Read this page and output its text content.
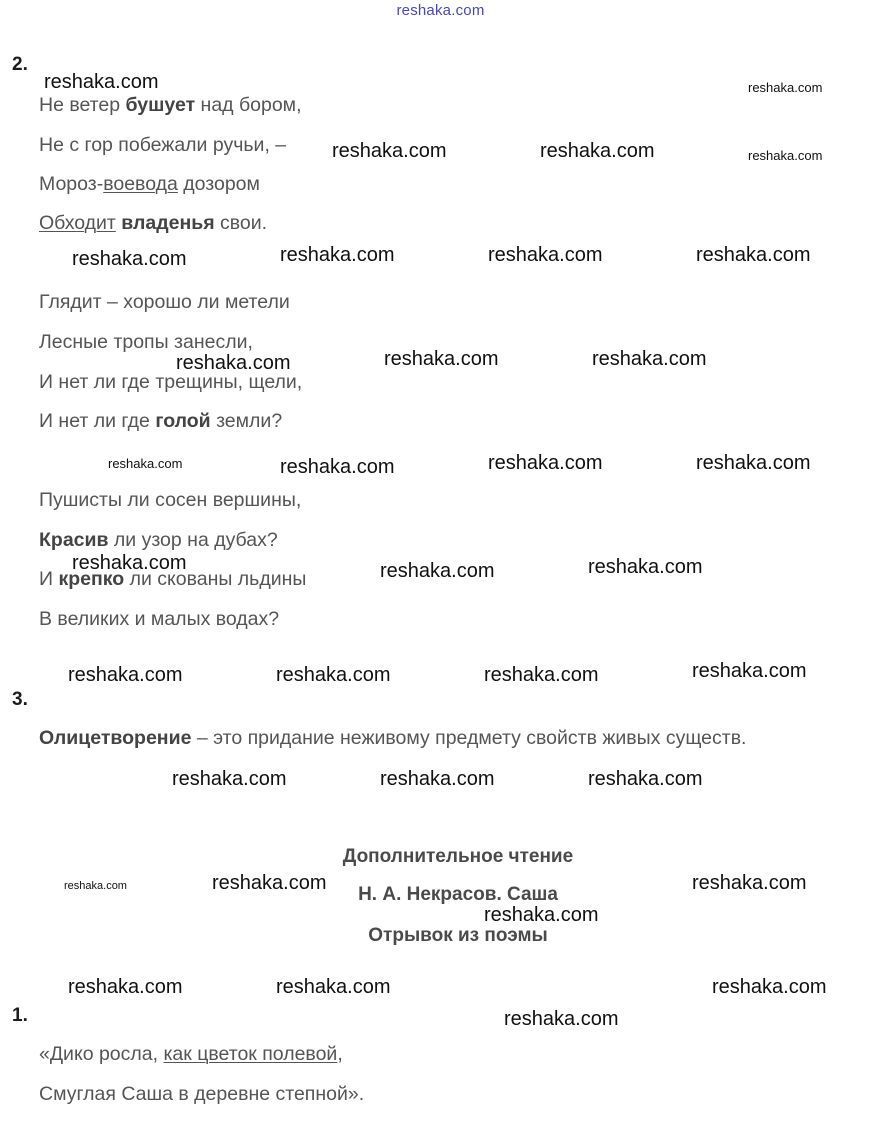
reshaka.com
2.
Не ветер бушует над бором,
Не с гор побежали ручьи, –
Мороз-воевода дозором
Обходит владенья свои.
Глядит – хорошо ли метели
Лесные тропы занесли,
И нет ли где трещины, щели,
И нет ли где голой земли?
Пушисты ли сосен вершины,
Красив ли узор на дубах?
И крепко ли скованы льдины
В великих и малых водах?
3.
Олицетворение – это придание неживому предмету свойств живых существ.
Дополнительное чтение
Н. А. Некрасов. Саша
Отрывок из поэмы
1.
«Дико росла, как цветок полевой,
Смуглая Саша в деревне степной».
reshaka.com	reshaka.com
reshaka.com	reshaka.com	reshaka.com
reshaka.com	reshaka.com	reshaka.com	reshaka.com
reshaka.com	reshaka.com	reshaka.com
reshaka.com	reshaka.com	reshaka.com	reshaka.com
reshaka.com	reshaka.com	reshaka.com
reshaka.com	reshaka.com	reshaka.com	reshaka.com
reshaka.com	reshaka.com	reshaka.com
reshaka.com	reshaka.com
reshaka.com
reshaka.com
reshaka.com	reshaka.com	reshaka.com
reshaka.com
